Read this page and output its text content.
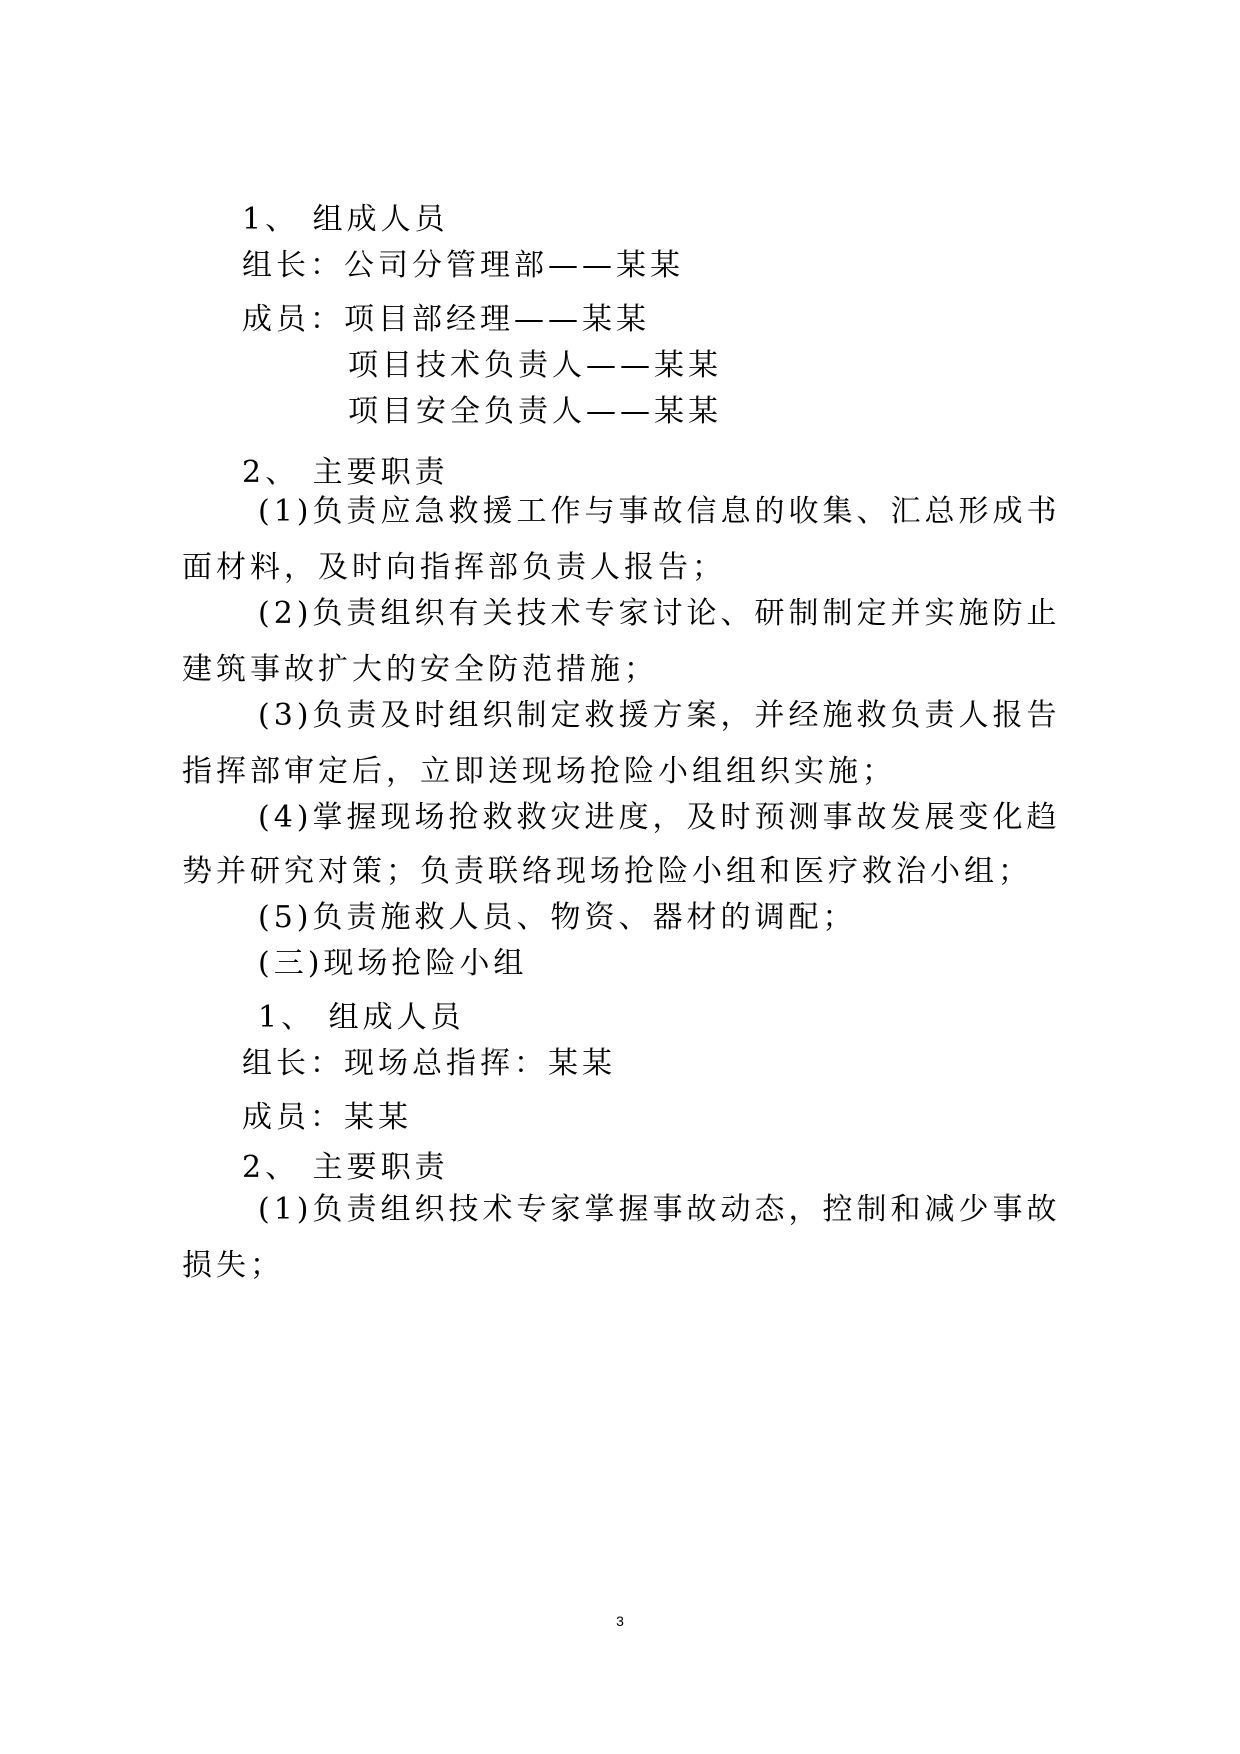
1、 组成人员
组长：公司分管理部——某某
成员：项目部经理——某某
项目技术负责人——某某
项目安全负责人——某某
2、 主要职责
(1)负责应急救援工作与事故信息的收集、汇总形成书
面材料，及时向指挥部负责人报告；
(2)负责组织有关技术专家讨论、研制制定并实施防止
建筑事故扩大的安全防范措施；
(3)负责及时组织制定救援方案，并经施救负责人报告
指挥部审定后，立即送现场抢险小组组织实施；
(4)掌握现场抢救救灾进度，及时预测事故发展变化趋
势并研究对策；负责联络现场抢险小组和医疗救治小组；
(5)负责施救人员、物资、器材的调配；
(三)现场抢险小组
1、 组成人员
组长：现场总指挥：某某
成员：某某
2、 主要职责
(1)负责组织技术专家掌握事故动态，控制和减少事故
损失；
3
